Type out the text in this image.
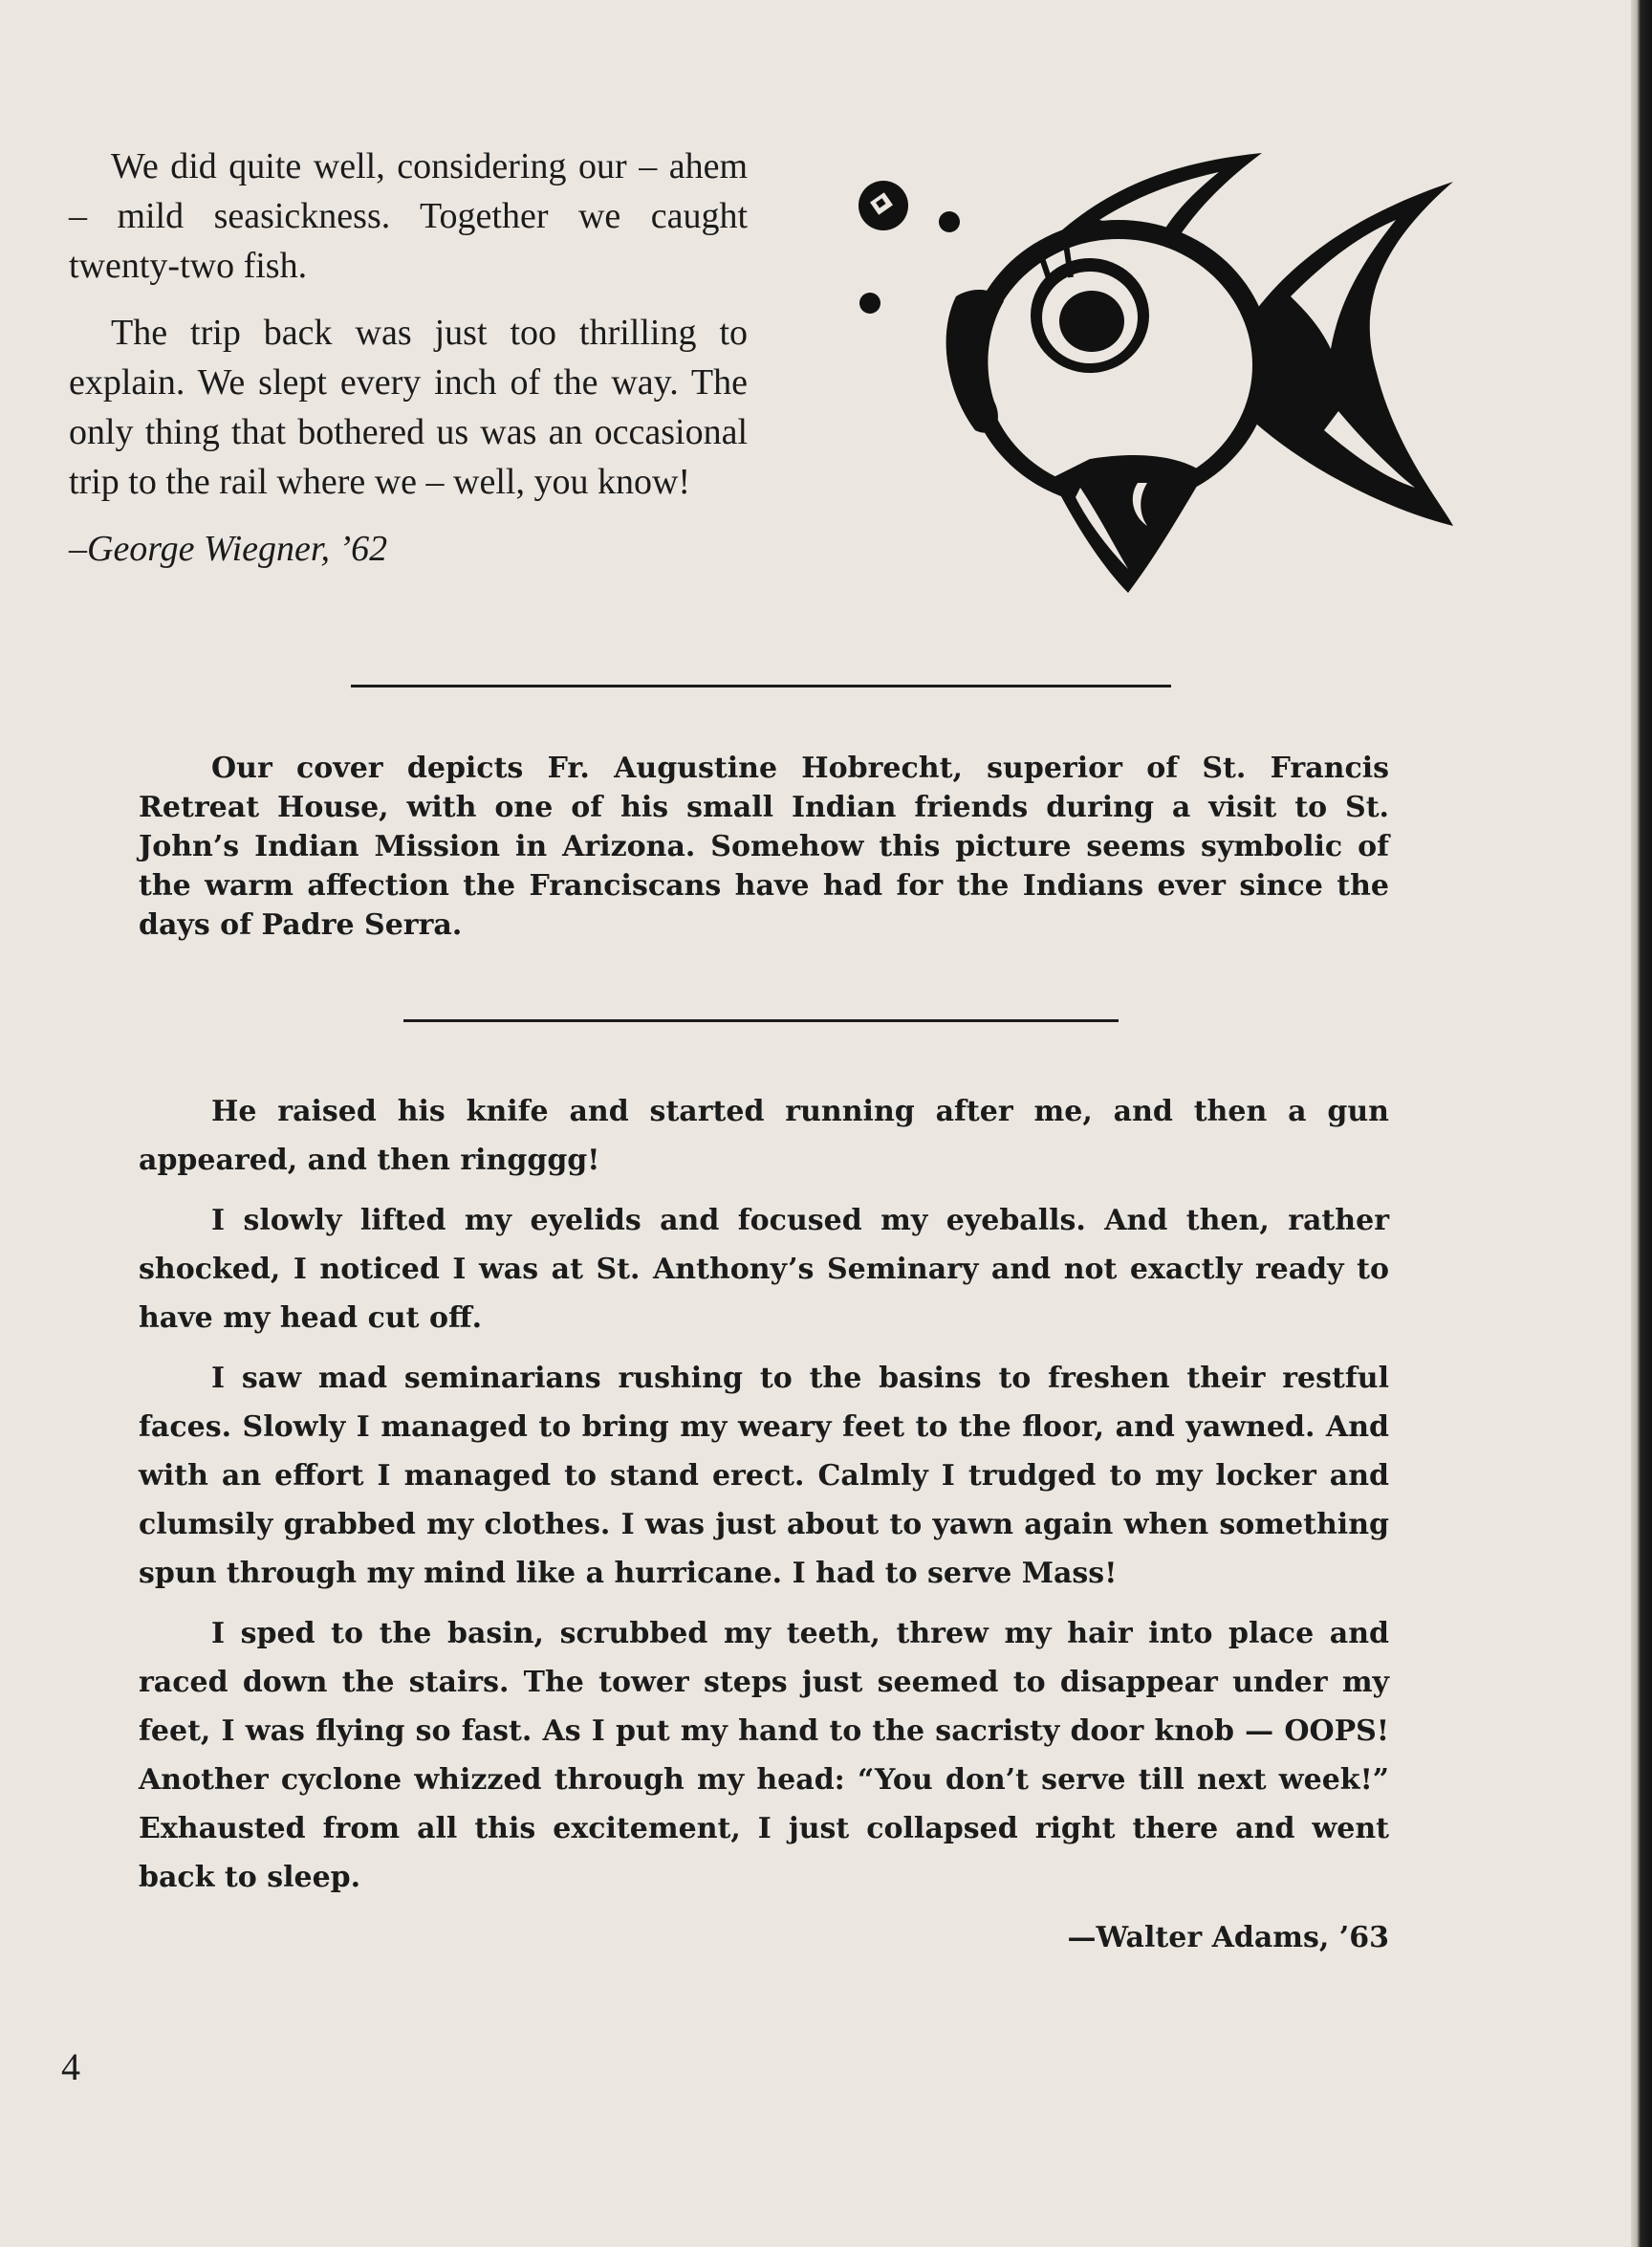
We did quite well, considering our – ahem – mild seasickness. Together we caught twenty-two fish.

The trip back was just too thrilling to explain. We slept every inch of the way. The only thing that bothered us was an occasional trip to the rail where we – well, you know!

–George Wiegner, ’62

Our cover depicts Fr. Augustine Hobrecht, superior of St. Francis Retreat House, with one of his small Indian friends during a visit to St. John’s Indian Mission in Arizona. Somehow this picture seems symbolic of the warm affection the Franciscans have had for the Indians ever since the days of Padre Serra.

He raised his knife and started running after me, and then a gun appeared, and then ringggg!

I slowly lifted my eyelids and focused my eyeballs. And then, rather shocked, I noticed I was at St. Anthony’s Seminary and not exactly ready to have my head cut off.

I saw mad seminarians rushing to the basins to freshen their restful faces. Slowly I managed to bring my weary feet to the floor, and yawned. And with an effort I managed to stand erect. Calmly I trudged to my locker and clumsily grabbed my clothes. I was just about to yawn again when something spun through my mind like a hurricane. I had to serve Mass!

I sped to the basin, scrubbed my teeth, threw my hair into place and raced down the stairs. The tower steps just seemed to disappear under my feet, I was flying so fast. As I put my hand to the sacristy door knob — OOPS! Another cyclone whizzed through my head: “You don’t serve till next week!” Exhausted from all this excitement, I just collapsed right there and went back to sleep.

—Walter Adams, ’63

4
